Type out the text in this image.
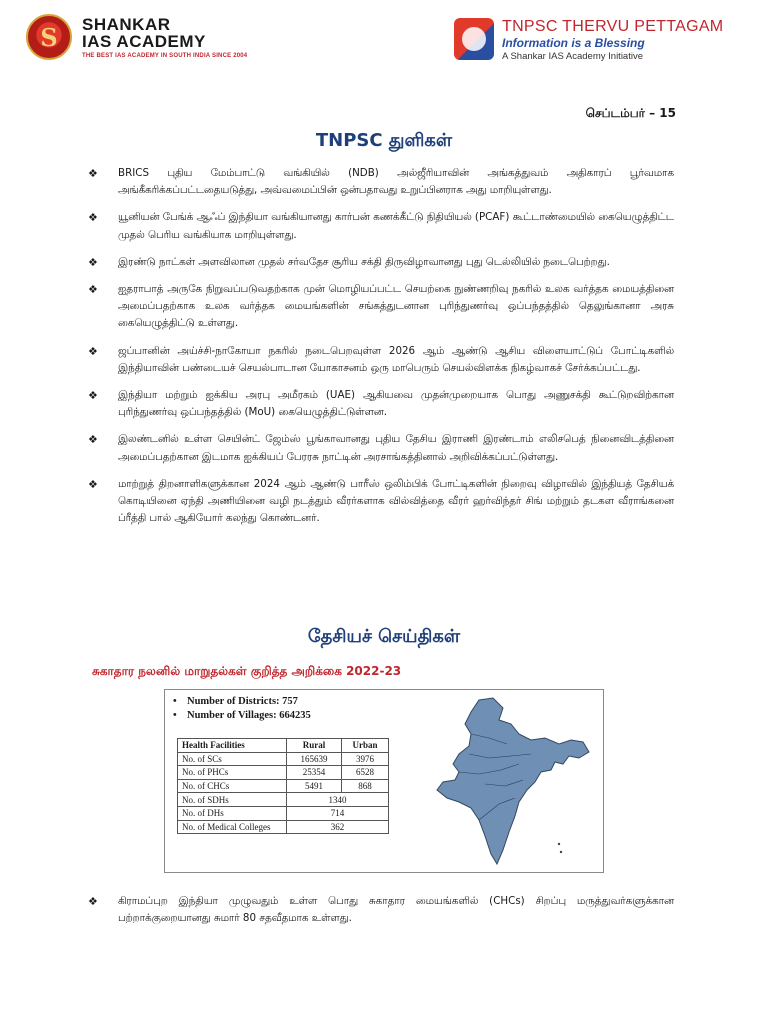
S SHANKAR
IAS ACADEMY
THE BEST IAS ACADEMY IN SOUTH INDIA SINCE 2004
TNPSC THERVU PETTAGAM
Information is a Blessing
A Shankar IAS Academy Initiative
செப்டம்பர் – 15
TNPSC துளிகள்
❖ BRICS புதிய மேம்பாட்டு வங்கியில் (NDB) அல்ஜீரியாவின் அங்கத்துவம் அதிகாரப் பூர்வமாக அங்கீகரிக்கப்பட்டதையடுத்து, அவ்வமைப்பின் ஒன்பதாவது உறுப்பினராக அது மாறியுள்ளது.
❖ யூனியன் பேங்க் ஆஃப் இந்தியா வங்கியானது கார்பன் கணக்கீட்டு நிதியியல் (PCAF) கூட்டாண்மையில் கையெழுத்திட்ட முதல் பெரிய வங்கியாக மாறியுள்ளது.
❖ இரண்டு நாட்கள் அளவிலான முதல் சர்வதேச சூரிய சக்தி திருவிழாவானது புது டெல்லியில் நடைபெற்றது.
❖ ஐதராபாத் அருகே நிறுவப்படுவதற்காக முன் மொழியப்பட்ட செயற்கை நுண்ணறிவு நகரில் உலக வர்த்தக மையத்தினை அமைப்பதற்காக உலக வர்த்தக மையங்களின் சங்கத்துடனான புரிந்துணர்வு ஒப்பந்தத்தில் தெலுங்கானா அரசு கையெழுத்திட்டு உள்ளது.
❖ ஜப்பானின் அய்ச்சி-நாகோயா நகரில் நடைபெறவுள்ள 2026 ஆம் ஆண்டு ஆசிய விளையாட்டுப் போட்டிகளில் இந்தியாவின் பண்டையச் செயல்பாடான யோகாசனம் ஒரு மாபெரும் செயல்விளக்க நிகழ்வாகச் சேர்க்கப்பட்டது.
❖ இந்தியா மற்றும் ஐக்கிய அரபு அமீரகம் (UAE) ஆகியவை முதன்முறையாக பொது அணுசக்தி கூட்டுறவிற்கான புரிந்துணர்வு ஒப்பந்தத்தில் (MoU) கையெழுத்திட்டுள்ளன.
❖ இலண்டனில் உள்ள செயின்ட் ஜேம்ஸ் பூங்காவானது புதிய தேசிய இராணி இரண்டாம் எலிசபெத் நினைவிடத்தினை அமைப்பதற்கான இடமாக ஐக்கியப் பேரரசு நாட்டின் அரசாங்கத்தினால் அறிவிக்கப்பட்டுள்ளது.
❖ மாற்றுத் திறனாளிகளுக்கான 2024 ஆம் ஆண்டு பாரீஸ் ஒலிம்பிக் போட்டிகளின் நிறைவு விழாவில் இந்தியத் தேசியக் கொடியினை ஏந்தி அணியினை வழி நடத்தும் வீரர்களாக வில்வித்தை வீரர் ஹர்விந்தர் சிங் மற்றும் தடகள வீராங்கனை ப்ரீத்தி பால் ஆகியோர் கலந்து கொண்டனர்.
தேசியச் செய்திகள்
சுகாதார நலனில் மாறுதல்கள் குறித்த அறிக்கை 2022-23
• Number of Districts: 757
• Number of Villages: 664235
Health Facilities	Rural	Urban
No. of SCs	165639	3976
No. of PHCs	25354	6528
No. of CHCs	5491	868
No. of SDHs	1340	
No. of DHs	714	
No. of Medical Colleges	362	
❖ கிராமப்புற இந்தியா முழுவதும் உள்ள பொது சுகாதார மையங்களில் (CHCs) சிறப்பு மருத்துவர்களுக்கான பற்றாக்குறையானது சுமார் 80 சதவீதமாக உள்ளது.
